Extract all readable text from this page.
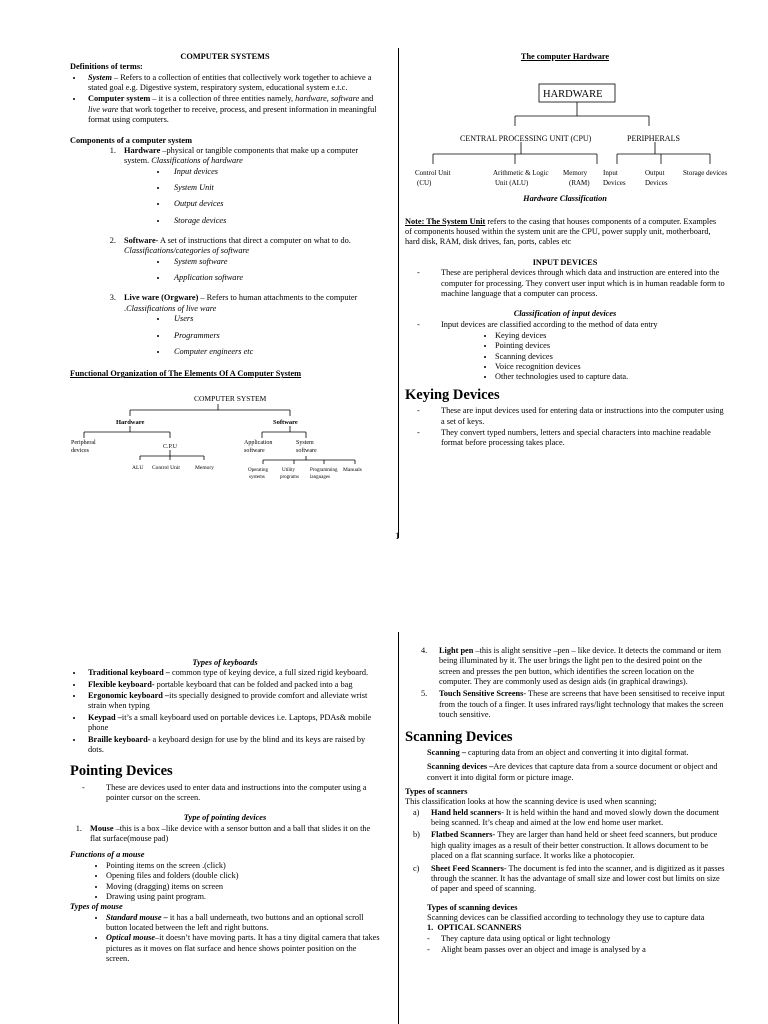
COMPUTER SYSTEMS
Definitions of terms:
• System – Refers to a collection of entities that collectively work together to achieve a stated goal e.g. Digestive system, respiratory system, educational system e.t.c.
• Computer system – it is a collection of three entities namely, hardware, software and live ware that work together to receive, process, and present information in meaningful format using computers.
Components of a computer system
1. Hardware –physical or tangible components that make up a computer system. Classifications of hardware
• Input devices
• System Unit
• Output devices
• Storage devices
2. Software- A set of instructions that direct a computer on what to do. Classifications/categories of software
• System software
• Application software
3. Live ware (Orgware) – Refers to human attachments to the computer .Classifications of live ware
• Users
• Programmers
• Computer engineers etc
Functional Organization of The Elements Of A Computer System
COMPUTER SYSTEM
Hardware	Software
Peripheral
devices
C.P.U
ALU Control Unit	Memory
Application
software
System
software
Operating
systems
Utility
programs
Programming
languages
Manuals
The computer Hardware
HARDWARE
CENTRAL PROCESSING UNIT (CPU)	PERIPHERALS
Control Unit
(CU)
Arithmetic & Logic
Unit (ALU)
Memory
(RAM)
Input
Devices
Output
Devices
Storage devices
Hardware Classification

Note: The System Unit refers to the casing that houses components of a computer. Examples of components housed within the system unit are the CPU, power supply unit, motherboard, hard disk, RAM, disk drives, fan, ports, cables etc

INPUT DEVICES
- These are peripheral devices through which data and instruction are entered into the computer for processing. They convert user input which is in human readable form to machine language that a computer can process.
Classification of input devices
- Input devices are classified according to the method of data entry
• Keying devices
• Pointing devices
• Scanning devices
• Voice recognition devices
• Other technologies used to capture data.
Keying Devices
- These are input devices used for entering data or instructions into the computer using a set of keys.
- They convert typed numbers, letters and special characters into machine readable format before processing takes place.
1
Types of keyboards
• Traditional keyboard – common type of keying device, a full sized rigid keyboard.
• Flexible keyboard- portable keyboard that can be folded and packed into a bag
• Ergonomic keyboard –its specially designed to provide comfort and alleviate wrist strain when typing
• Keypad –it’s a small keyboard used on portable devices i.e. Laptops, PDAs& mobile phone
• Braille keyboard- a keyboard design for use by the blind and its keys are raised by dots.
Pointing Devices
- These are devices used to enter data and instructions into the computer using a pointer cursor on the screen.
Type of pointing devices
1. Mouse –this is a box –like device with a sensor button and a ball that slides it on the flat surface(mouse pad)
Functions of a mouse
• Pointing items on the screen .(click)
• Opening files and folders (double click)
• Moving (dragging) items on screen
• Drawing using paint program.
Types of mouse
• Standard mouse – it has a ball underneath, two buttons and an optional scroll button located between the left and right buttons.
• Optical mouse–it doesn’t have moving parts. It has a tiny digital camera that takes pictures as it moves on flat surface and hence shows pointer position on the screen.
4. Light pen –this is alight sensitive –pen – like device. It detects the command or item being illuminated by it. The user brings the light pen to the desired point on the screen and presses the pen button, which identifies the screen location on the computer. They are commonly used as design aids (in graphical drawings).
5. Touch Sensitive Screens- These are screens that have been sensitised to receive input from the touch of a finger. It uses infrared rays/light technology that makes the screen touch sensitive.
Scanning Devices

Scanning – capturing data from an object and converting it into digital format.

Scanning devices –Are devices that capture data from a source document or object and convert it into digital form or picture image.

Types of scanners
This classification looks at how the scanning device is used when scanning;
a) Hand held scanners- It is held within the hand and moved slowly down the document being scanned. It’s cheap and aimed at the low end home user market.
b) Flatbed Scanners- They are larger than hand held or sheet feed scanners, but produce high quality images as a result of their better construction. It allows document to be placed on a flat scanning surface. It works like a photocopier.
c) Sheet Feed Scanners- The document is fed into the scanner, and is digitized as it passes through the scanner. It has the advantage of small size and lower cost but limits on size of paper and speed of scanning.
Types of scanning devices
Scanning devices can be classified according to technology they use to capture data
1. OPTICAL SCANNERS
- They capture data using optical or light technology
- Alight beam passes over an object and image is analysed by a
